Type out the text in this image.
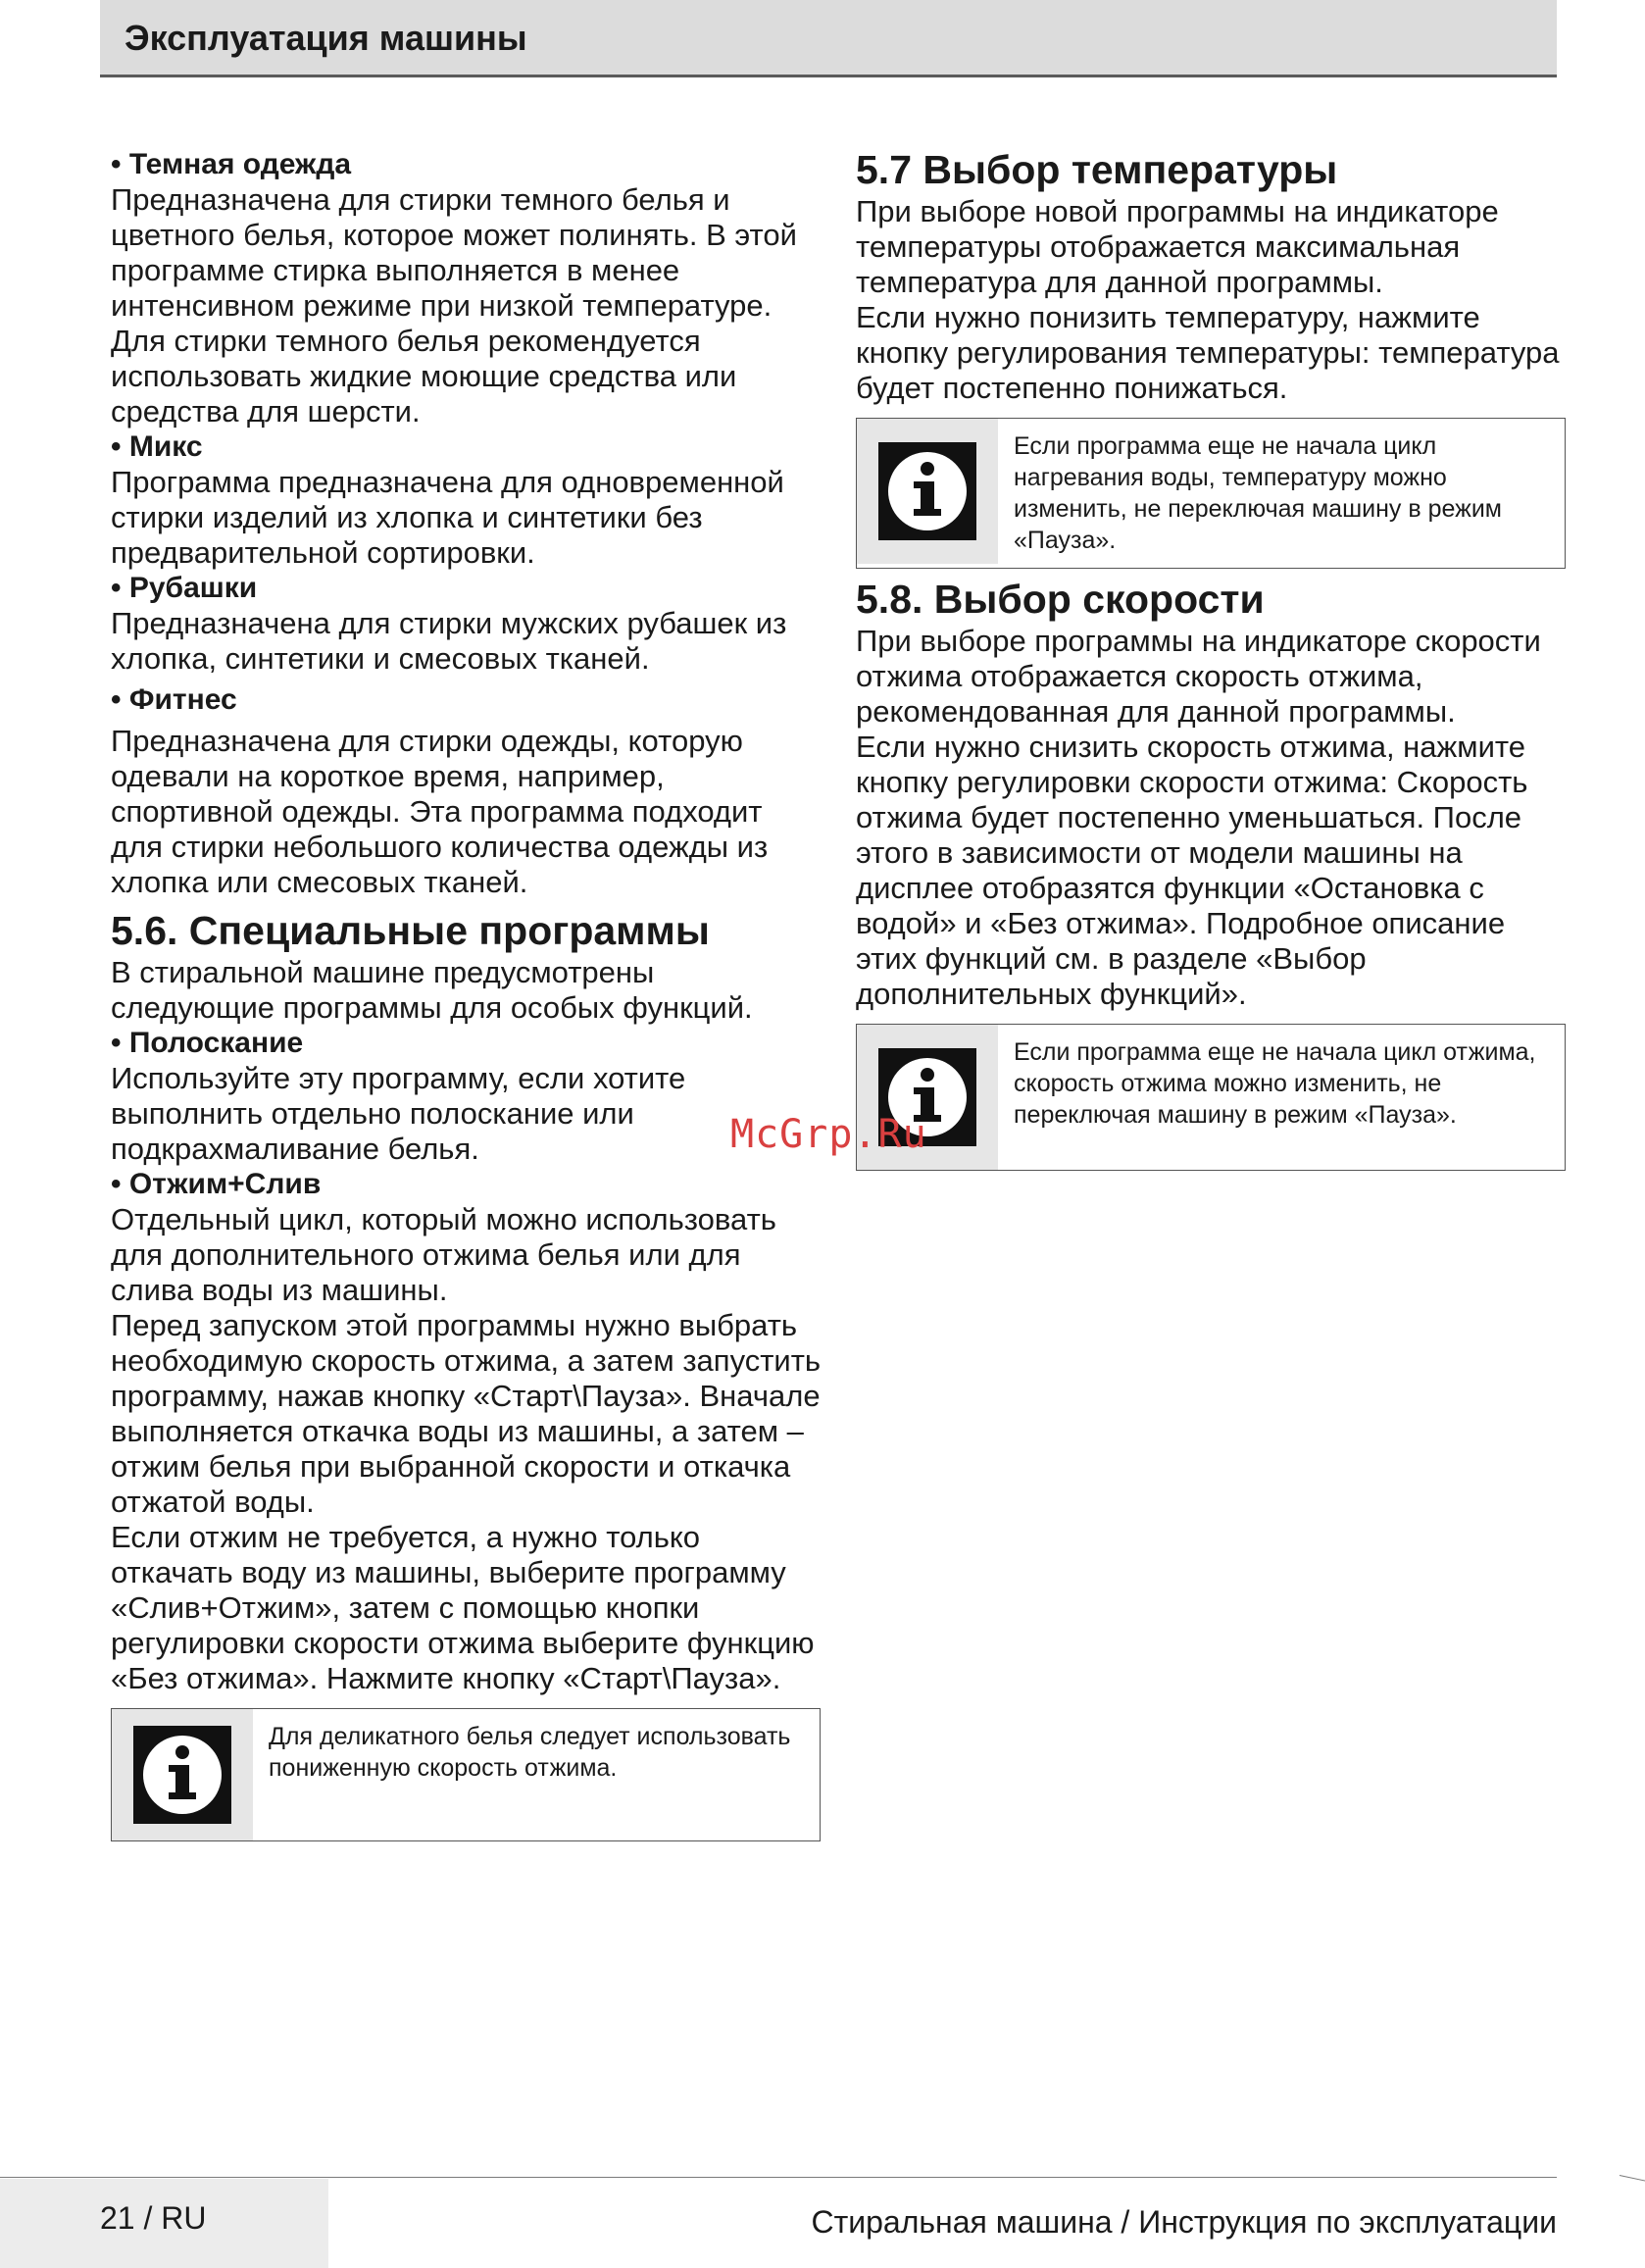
Эксплуатация машины

• Темная одежда

Предназначена для стирки темного белья и цветного белья, которое может полинять. В этой программе стирка выполняется в менее интенсивном режиме при низкой температуре. Для стирки темного белья рекомендуется использовать жидкие моющие средства или средства для шерсти.

• Микс

Программа предназначена для одновременной стирки изделий из хлопка и синтетики без предварительной сортировки.

• Рубашки

Предназначена для стирки мужских рубашек из хлопка, синтетики и смесовых тканей.

• Фитнес

Предназначена для стирки одежды, которую одевали на короткое время, например, спортивной одежды. Эта программа подходит для стирки небольшого количества одежды из хлопка или смесовых тканей.

5.6. Специальные программы

В стиральной машине предусмотрены следующие программы для особых функций.

• Полоскание

Используйте эту программу, если хотите выполнить отдельно полоскание или подкрахмаливание белья.

• Отжим+Слив

Отдельный цикл, который можно использовать для дополнительного отжима белья или для слива воды из машины.

Перед запуском этой программы нужно выбрать необходимую скорость отжима, а затем запустить программу, нажав кнопку «Старт\Пауза». Вначале выполняется откачка воды из машины, а затем – отжим белья при выбранной скорости и откачка отжатой воды.

Если отжим не требуется, а нужно только откачать воду из машины, выберите программу «Слив+Отжим», затем с помощью кнопки регулировки скорости отжима выберите функцию «Без отжима». Нажмите кнопку «Старт\Пауза».

Для деликатного белья следует использовать пониженную скорость отжима.

5.7 Выбор температуры

При выборе новой программы на индикаторе температуры отображается максимальная температура для данной программы.

Если нужно понизить температуру, нажмите кнопку регулирования температуры: температура будет постепенно понижаться.

Если программа еще не начала цикл нагревания воды, температуру можно изменить, не переключая машину в режим «Пауза».

5.8. Выбор скорости

При выборе программы на индикаторе скорости отжима отображается скорость отжима, рекомендованная для данной программы.

Если нужно снизить скорость отжима, нажмите кнопку регулировки скорости отжима: Скорость отжима будет постепенно уменьшаться. После этого в зависимости от модели машины на дисплее отобразятся функции «Остановка с водой» и «Без отжима». Подробное описание этих функций см. в разделе «Выбор дополнительных функций».

Если программа еще не начала цикл отжима, скорость отжима можно изменить, не переключая машину в режим «Пауза».
McGrp.Ru
21 / RU	Стиральная машина / Инструкция по эксплуатации
